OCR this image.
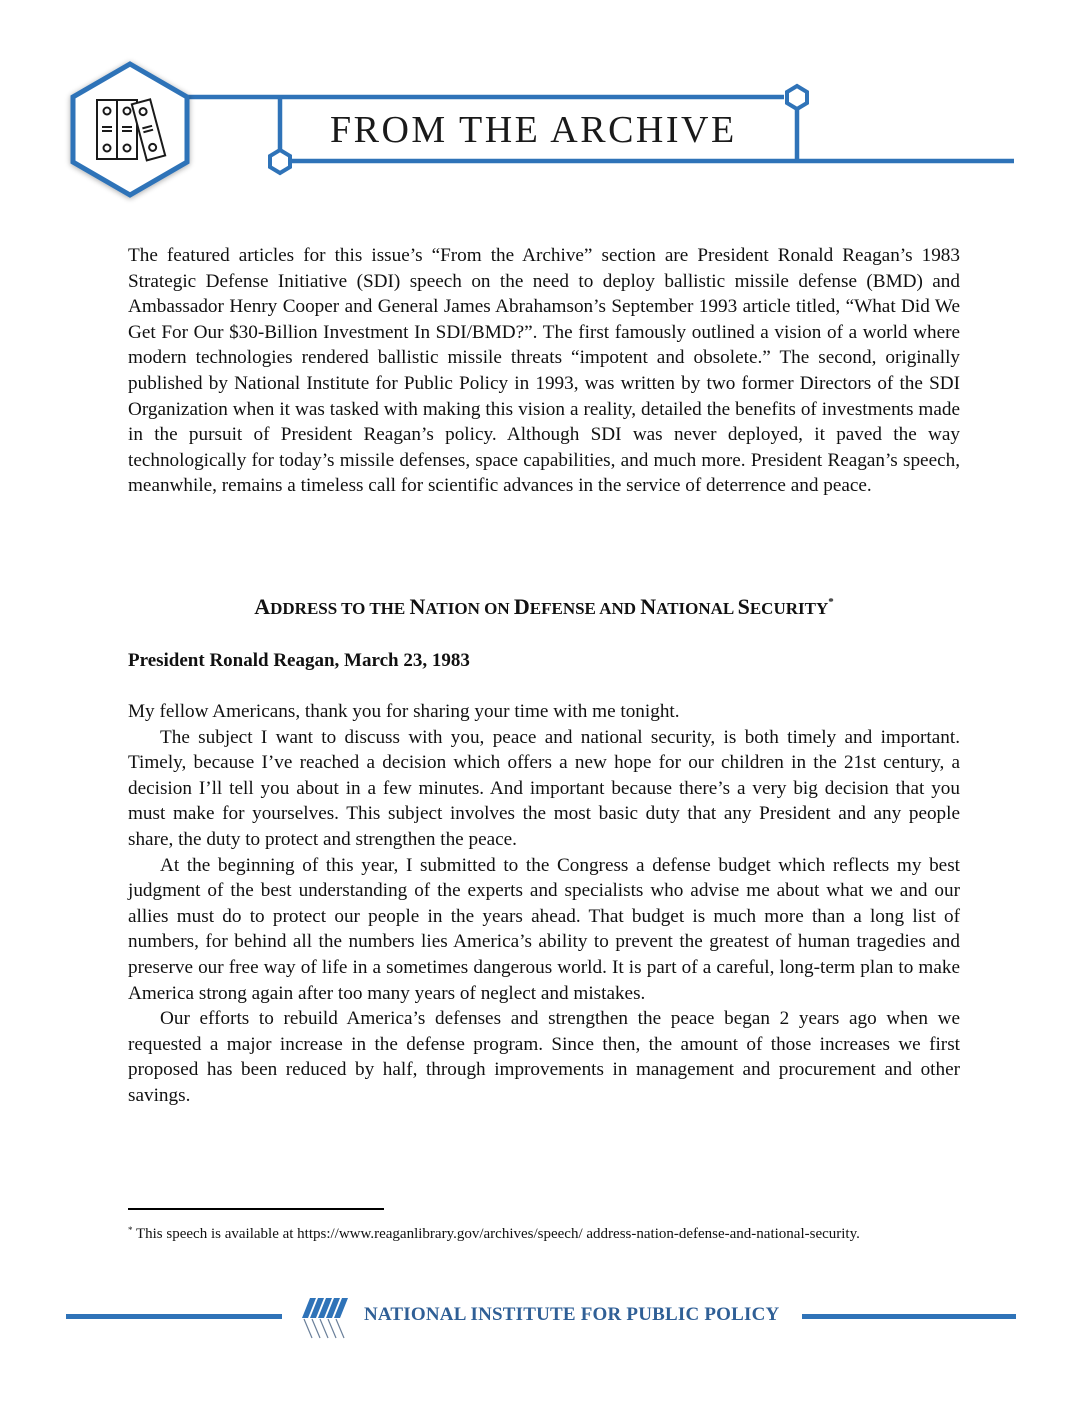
FROM THE ARCHIVE

The featured articles for this issue’s “From the Archive” section are President Ronald Reagan’s 1983 Strategic Defense Initiative (SDI) speech on the need to deploy ballistic missile defense (BMD) and Ambassador Henry Cooper and General James Abrahamson’s September 1993 article titled, “What Did We Get For Our $30-Billion Investment In SDI/BMD?”. The first famously outlined a vision of a world where modern technologies rendered ballistic missile threats “impotent and obsolete.” The second, originally published by National Institute for Public Policy in 1993, was written by two former Directors of the SDI Organization when it was tasked with making this vision a reality, detailed the benefits of investments made in the pursuit of President Reagan’s policy. Although SDI was never deployed, it paved the way technologically for today’s missile defenses, space capabilities, and much more. President Reagan’s speech, meanwhile, remains a timeless call for scientific advances in the service of deterrence and peace.

ADDRESS TO THE NATION ON DEFENSE AND NATIONAL SECURITY*
President Ronald Reagan, March 23, 1983

My fellow Americans, thank you for sharing your time with me tonight.

The subject I want to discuss with you, peace and national security, is both timely and important. Timely, because I’ve reached a decision which offers a new hope for our children in the 21st century, a decision I’ll tell you about in a few minutes. And important because there’s a very big decision that you must make for yourselves. This subject involves the most basic duty that any President and any people share, the duty to protect and strengthen the peace.

At the beginning of this year, I submitted to the Congress a defense budget which reflects my best judgment of the best understanding of the experts and specialists who advise me about what we and our allies must do to protect our people in the years ahead. That budget is much more than a long list of numbers, for behind all the numbers lies America’s ability to prevent the greatest of human tragedies and preserve our free way of life in a sometimes dangerous world. It is part of a careful, long-term plan to make America strong again after too many years of neglect and mistakes.

Our efforts to rebuild America’s defenses and strengthen the peace began 2 years ago when we requested a major increase in the defense program. Since then, the amount of those increases we first proposed has been reduced by half, through improvements in management and procurement and other savings.

* This speech is available at https://www.reaganlibrary.gov/archives/speech/ address-nation-defense-and-national-security.
NATIONAL INSTITUTE FOR PUBLIC POLICY
